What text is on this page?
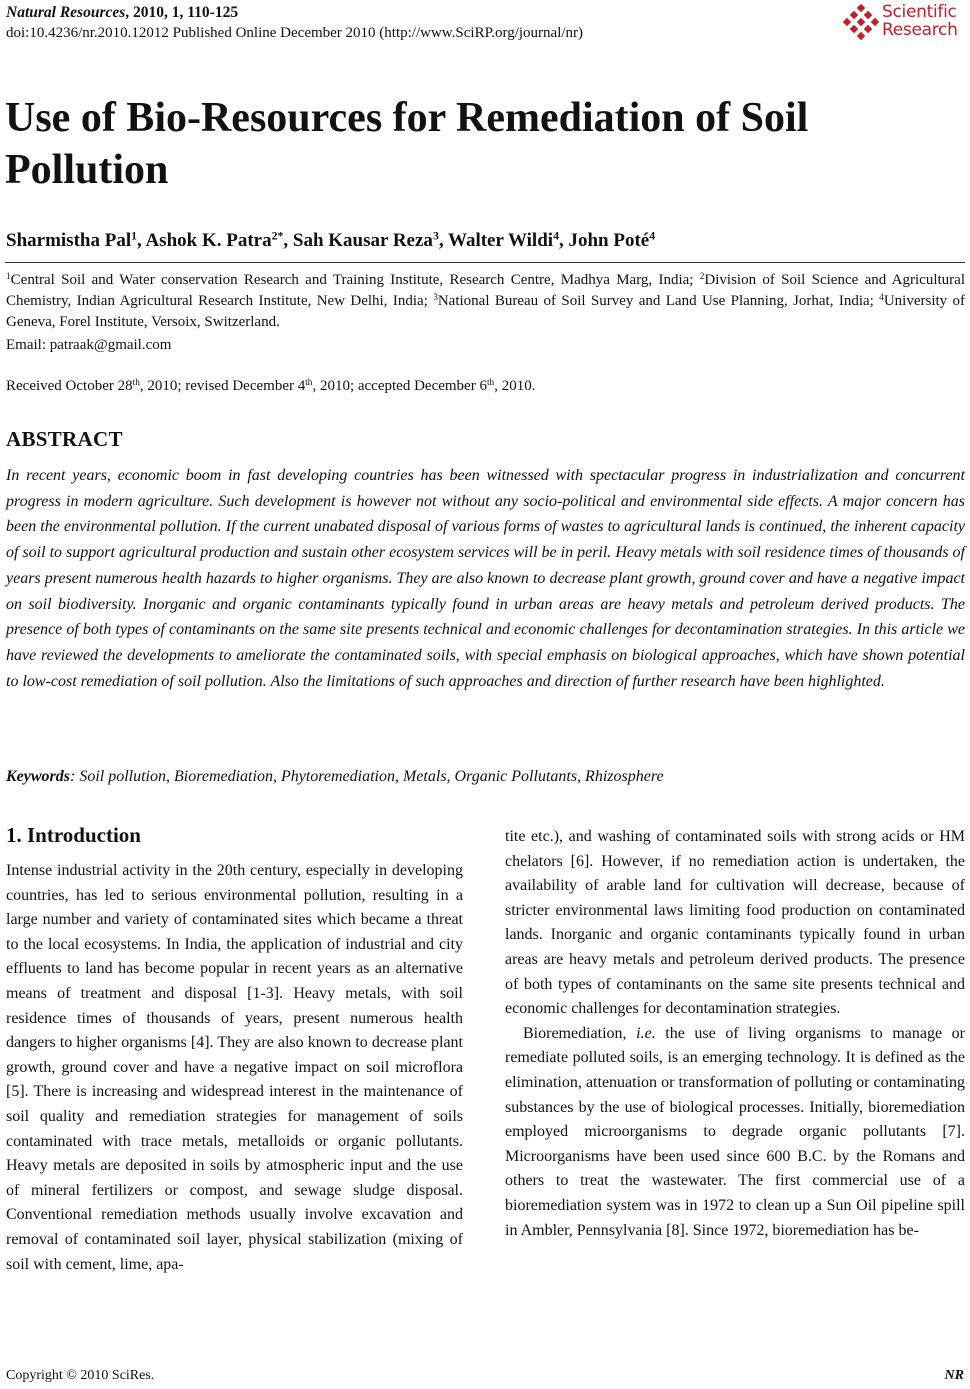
Natural Resources, 2010, 1, 110-125
doi:10.4236/nr.2010.12012 Published Online December 2010 (http://www.SciRP.org/journal/nr)
Scientific
Research
Use of Bio-Resources for Remediation of Soil Pollution
Sharmistha Pal$^1$, Ashok K. Patra$^{2*}$, Sah Kausar Reza$^3$, Walter Wildi$^4$, John Poté$^4$
$^1$Central Soil and Water conservation Research and Training Institute, Research Centre, Madhya Marg, India; $^2$Division of Soil Science and Agricultural Chemistry, Indian Agricultural Research Institute, New Delhi, India; $^3$National Bureau of Soil Survey and Land Use Planning, Jorhat, India; $^4$University of Geneva, Forel Institute, Versoix, Switzerland.
Email: patraak@gmail.com
Received October 28th, 2010; revised December 4th, 2010; accepted December 6th, 2010.
ABSTRACT
In recent years, economic boom in fast developing countries has been witnessed with spectacular progress in industrialization and concurrent progress in modern agriculture. Such development is however not without any socio-political and environmental side effects. A major concern has been the environmental pollution. If the current unabated disposal of various forms of wastes to agricultural lands is continued, the inherent capacity of soil to support agricultural production and sustain other ecosystem services will be in peril. Heavy metals with soil residence times of thousands of years present numerous health hazards to higher organisms. They are also known to decrease plant growth, ground cover and have a negative impact on soil biodiversity. Inorganic and organic contaminants typically found in urban areas are heavy metals and petroleum derived products. The presence of both types of contaminants on the same site presents technical and economic challenges for decontamination strategies. In this article we have reviewed the developments to ameliorate the contaminated soils, with special emphasis on biological approaches, which have shown potential to low-cost remediation of soil pollution. Also the limitations of such approaches and direction of further research have been highlighted.
Keywords: Soil pollution, Bioremediation, Phytoremediation, Metals, Organic Pollutants, Rhizosphere
1. Introduction

Intense industrial activity in the 20th century, especially in developing countries, has led to serious environmental pollution, resulting in a large number and variety of contaminated sites which became a threat to the local ecosystems. In India, the application of industrial and city effluents to land has become popular in recent years as an alternative means of treatment and disposal [1-3]. Heavy metals, with soil residence times of thousands of years, present numerous health dangers to higher organisms [4]. They are also known to decrease plant growth, ground cover and have a negative impact on soil microflora [5]. There is increasing and widespread interest in the maintenance of soil quality and remediation strategies for management of soils contaminated with trace metals, metalloids or organic pollutants. Heavy metals are deposited in soils by atmospheric input and the use of mineral fertilizers or compost, and sewage sludge disposal. Conventional remediation methods usually involve excavation and removal of contaminated soil layer, physical stabilization (mixing of soil with cement, lime, apa-

tite etc.), and washing of contaminated soils with strong acids or HM chelators [6]. However, if no remediation action is undertaken, the availability of arable land for cultivation will decrease, because of stricter environmental laws limiting food production on contaminated lands. Inorganic and organic contaminants typically found in urban areas are heavy metals and petroleum derived products. The presence of both types of contaminants on the same site presents technical and economic challenges for decontamination strategies.

Bioremediation, i.e. the use of living organisms to manage or remediate polluted soils, is an emerging technology. It is defined as the elimination, attenuation or transformation of polluting or contaminating substances by the use of biological processes. Initially, bioremediation employed microorganisms to degrade organic pollutants [7]. Microorganisms have been used since 600 B.C. by the Romans and others to treat the wastewater. The first commercial use of a bioremediation system was in 1972 to clean up a Sun Oil pipeline spill in Ambler, Pennsylvania [8]. Since 1972, bioremediation has be-

Copyright © 2010 SciRes.	NR
